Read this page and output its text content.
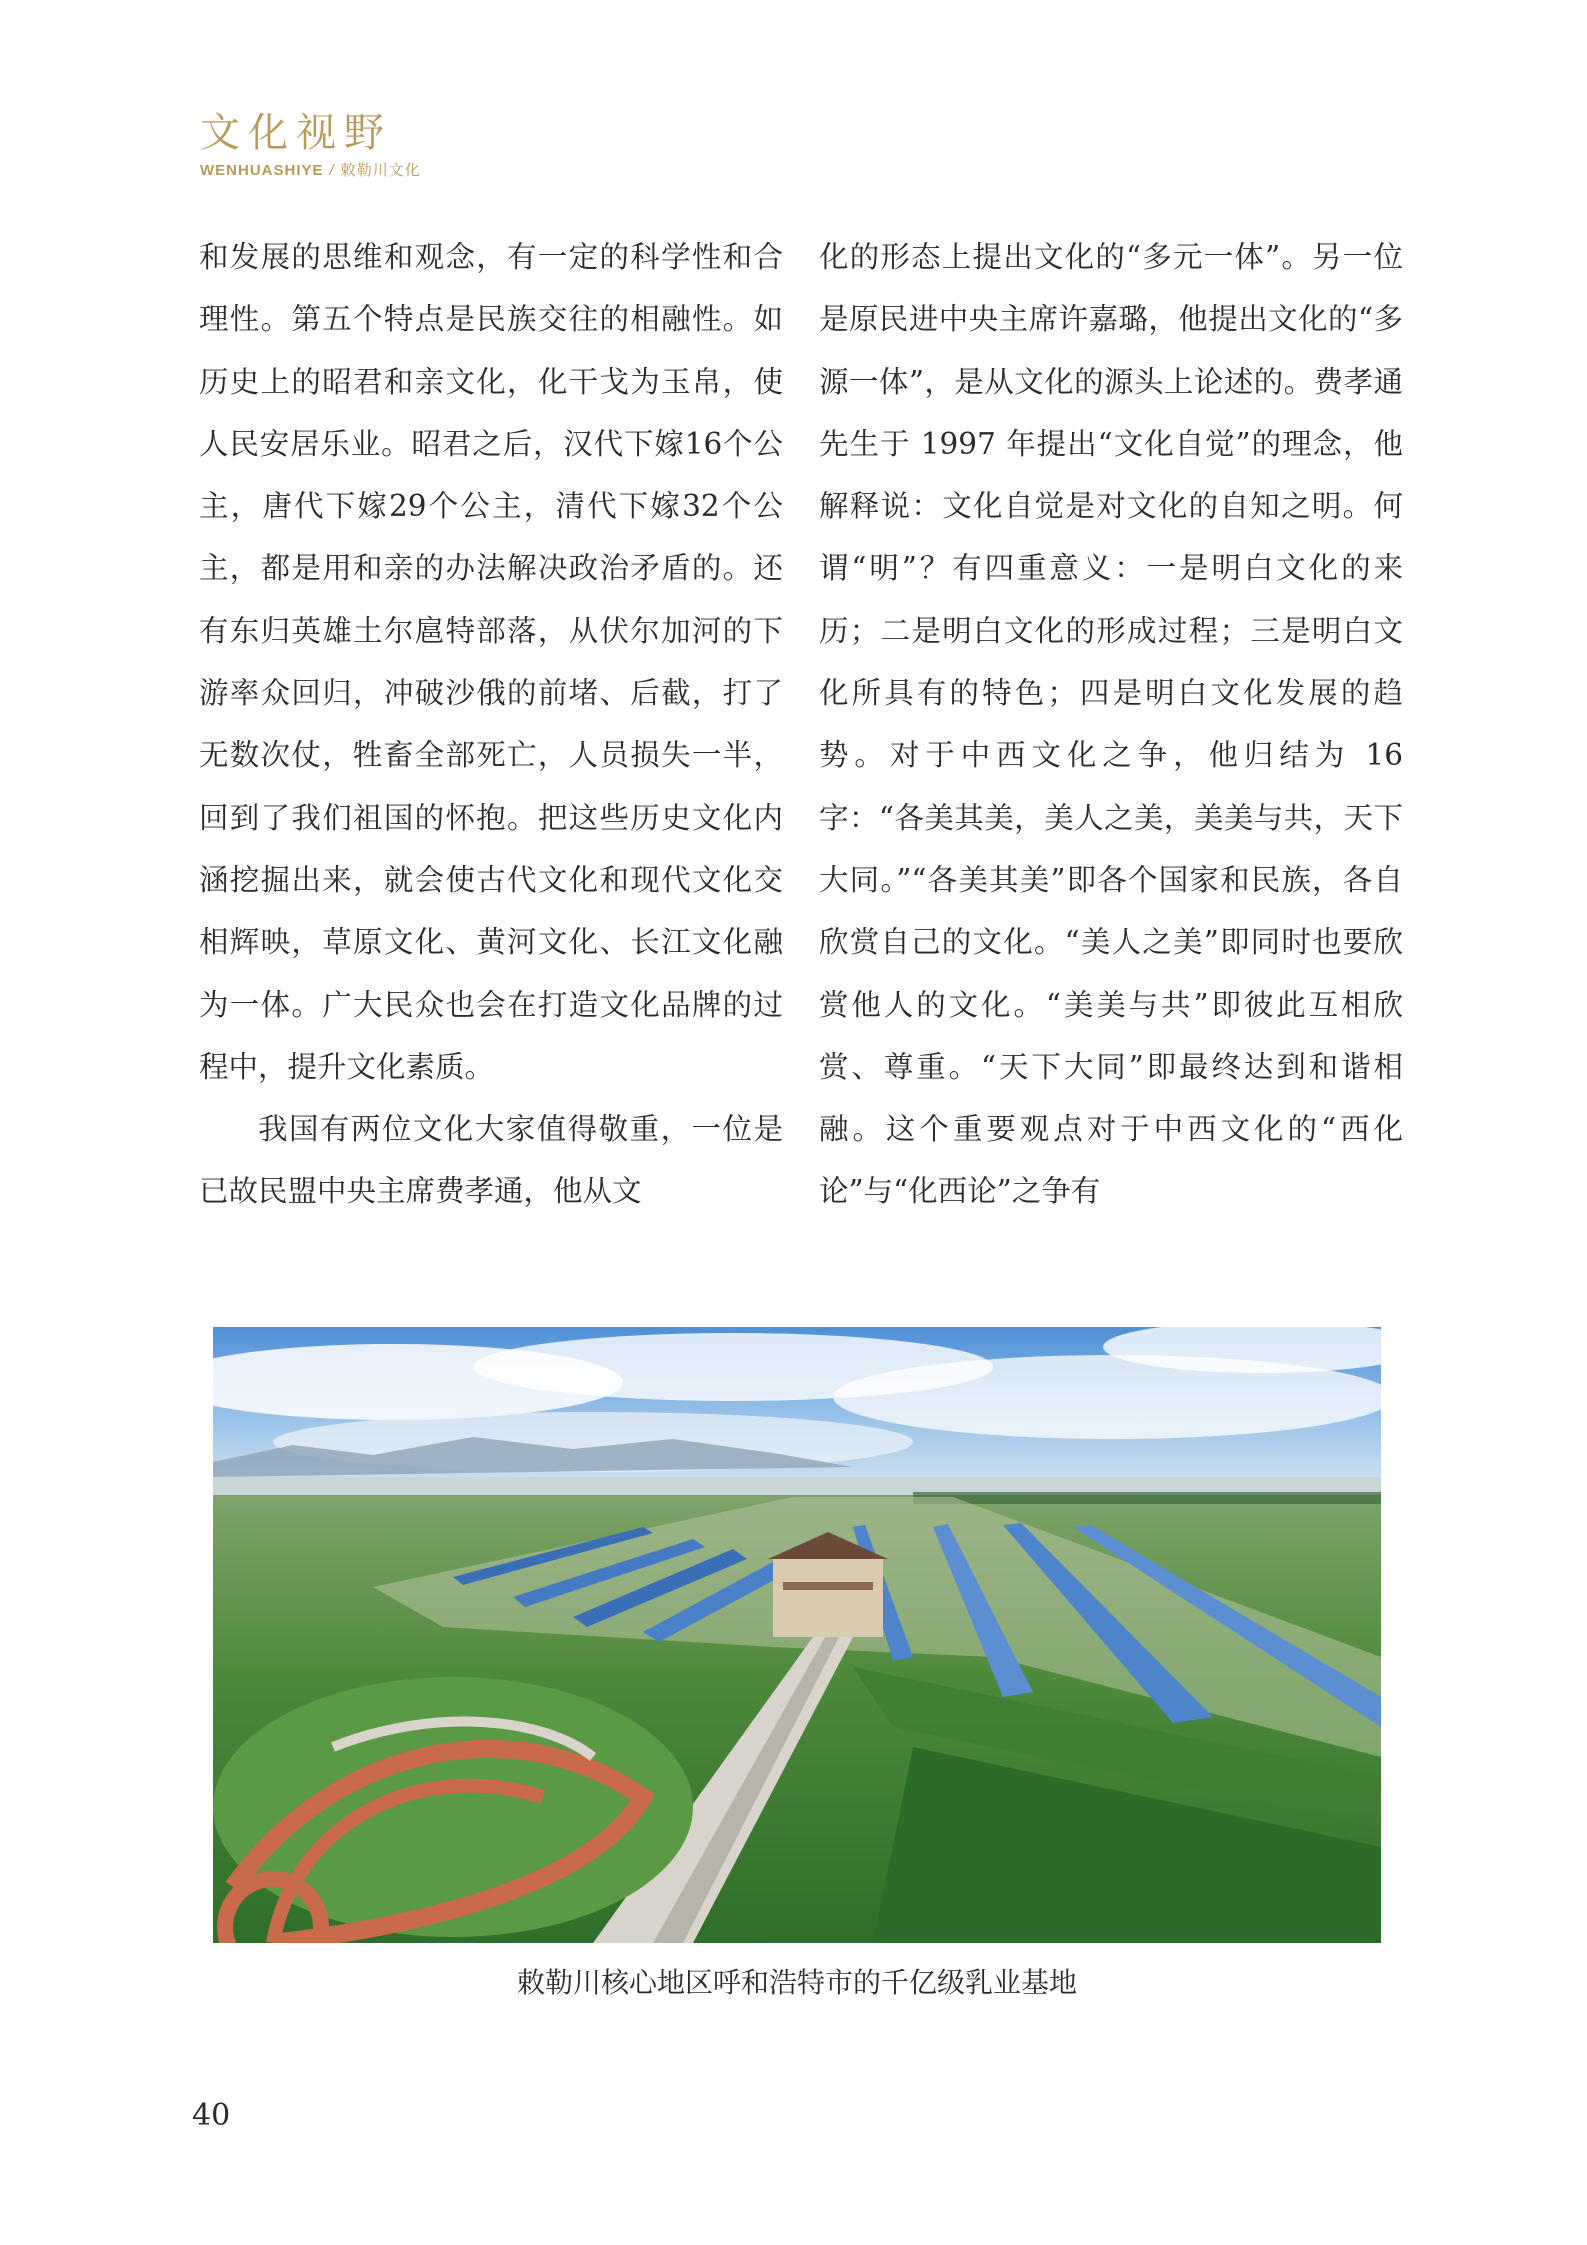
文化视野
WENHUASHIYE / 敕勒川文化

和发展的思维和观念，有一定的科学性和合理性。第五个特点是民族交往的相融性。如历史上的昭君和亲文化，化干戈为玉帛，使人民安居乐业。昭君之后，汉代下嫁16个公主，唐代下嫁29个公主，清代下嫁32个公主，都是用和亲的办法解决政治矛盾的。还有东归英雄土尔扈特部落，从伏尔加河的下游率众回归，冲破沙俄的前堵、后截，打了无数次仗，牲畜全部死亡，人员损失一半，回到了我们祖国的怀抱。把这些历史文化内涵挖掘出来，就会使古代文化和现代文化交相辉映，草原文化、黄河文化、长江文化融为一体。广大民众也会在打造文化品牌的过程中，提升文化素质。

我国有两位文化大家值得敬重，一位是已故民盟中央主席费孝通，他从文

化的形态上提出文化的“多元一体”。另一位是原民进中央主席许嘉璐，他提出文化的“多源一体”，是从文化的源头上论述的。费孝通先生于 1997 年提出“文化自觉”的理念，他解释说：文化自觉是对文化的自知之明。何谓“明”？有四重意义：一是明白文化的来历；二是明白文化的形成过程；三是明白文化所具有的特色；四是明白文化发展的趋势。对于中西文化之争，他归结为 16字：“各美其美，美人之美，美美与共，天下大同。”“各美其美”即各个国家和民族，各自欣赏自己的文化。“美人之美”即同时也要欣赏他人的文化。“美美与共”即彼此互相欣赏、尊重。“天下大同”即最终达到和谐相融。这个重要观点对于中西文化的“西化论”与“化西论”之争有

敕勒川核心地区呼和浩特市的千亿级乳业基地
40
